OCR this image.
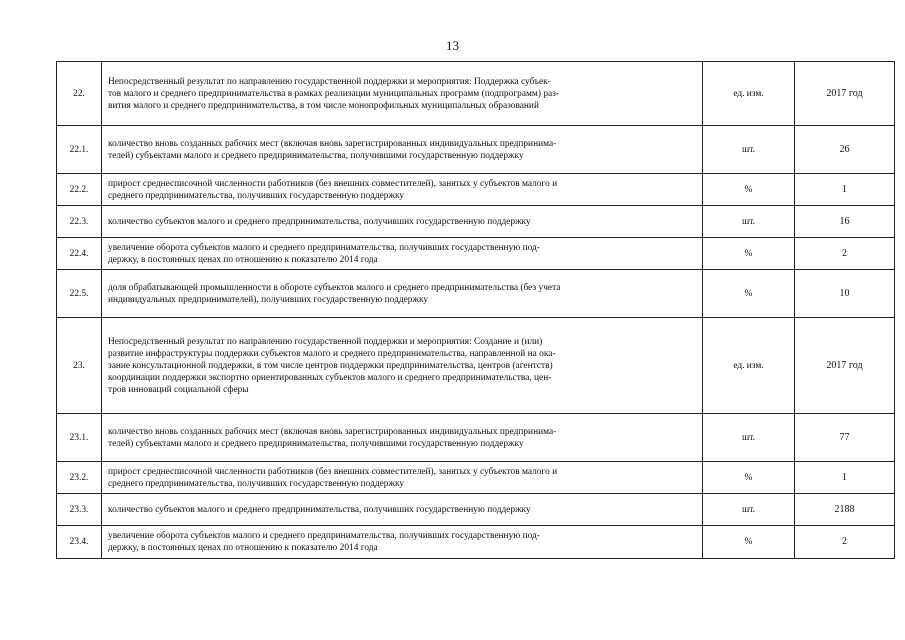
13
22.	Непосредственный результат по направлению государственной поддержки и мероприятия: Поддержка субъек-
тов малого и среднего предпринимательства в рамках реализации муниципальных программ (подпрограмм) раз-
вития малого и среднего предпринимательства, в том числе монопрофильных муниципальных образований	ед. изм.	2017 год
22.1.	количество вновь созданных рабочих мест (включая вновь зарегистрированных индивидуальных предпринима-
телей) субъектами малого и среднего предпринимательства, получившими государственную поддержку	шт.	26
22.2.	прирост среднесписочной численности работников (без внешних совместителей), занятых у субъектов малого и
среднего предпринимательства, получивших государственную поддержку	%	1
22.3.	количество субъектов малого и среднего предпринимательства, получивших государственную поддержку	шт.	16
22.4.	увеличение оборота субъектов малого и среднего предпринимательства, получивших государственную под-
держку, в постоянных ценах по отношению к показателю 2014 года	%	2
22.5.	доля обрабатывающей промышленности в обороте субъектов малого и среднего предпринимательства (без учета
индивидуальных предпринимателей), получивших государственную поддержку	%	10
23.	Непосредственный результат по направлению государственной поддержки и мероприятия: Создание и (или)
развитие инфраструктуры поддержки субъектов малого и среднего предпринимательства, направленной на ока-
зание консультационной поддержки, в том числе центров поддержки предпринимательства, центров (агентств)
координации поддержки экспортно ориентированных субъектов малого и среднего предпринимательства, цен-
тров инноваций социальной сферы	ед. изм.	2017 год
23.1.	количество вновь созданных рабочих мест (включая вновь зарегистрированных индивидуальных предпринима-
телей) субъектами малого и среднего предпринимательства, получившими государственную поддержку	шт.	77
23.2.	прирост среднесписочной численности работников (без внешних совместителей), занятых у субъектов малого и
среднего предпринимательства, получивших государственную поддержку	%	1
23.3.	количество субъектов малого и среднего предпринимательства, получивших государственную поддержку	шт.	2188
23.4.	увеличение оборота субъектов малого и среднего предпринимательства, получивших государственную под-
держку, в постоянных ценах по отношению к показателю 2014 года	%	2
